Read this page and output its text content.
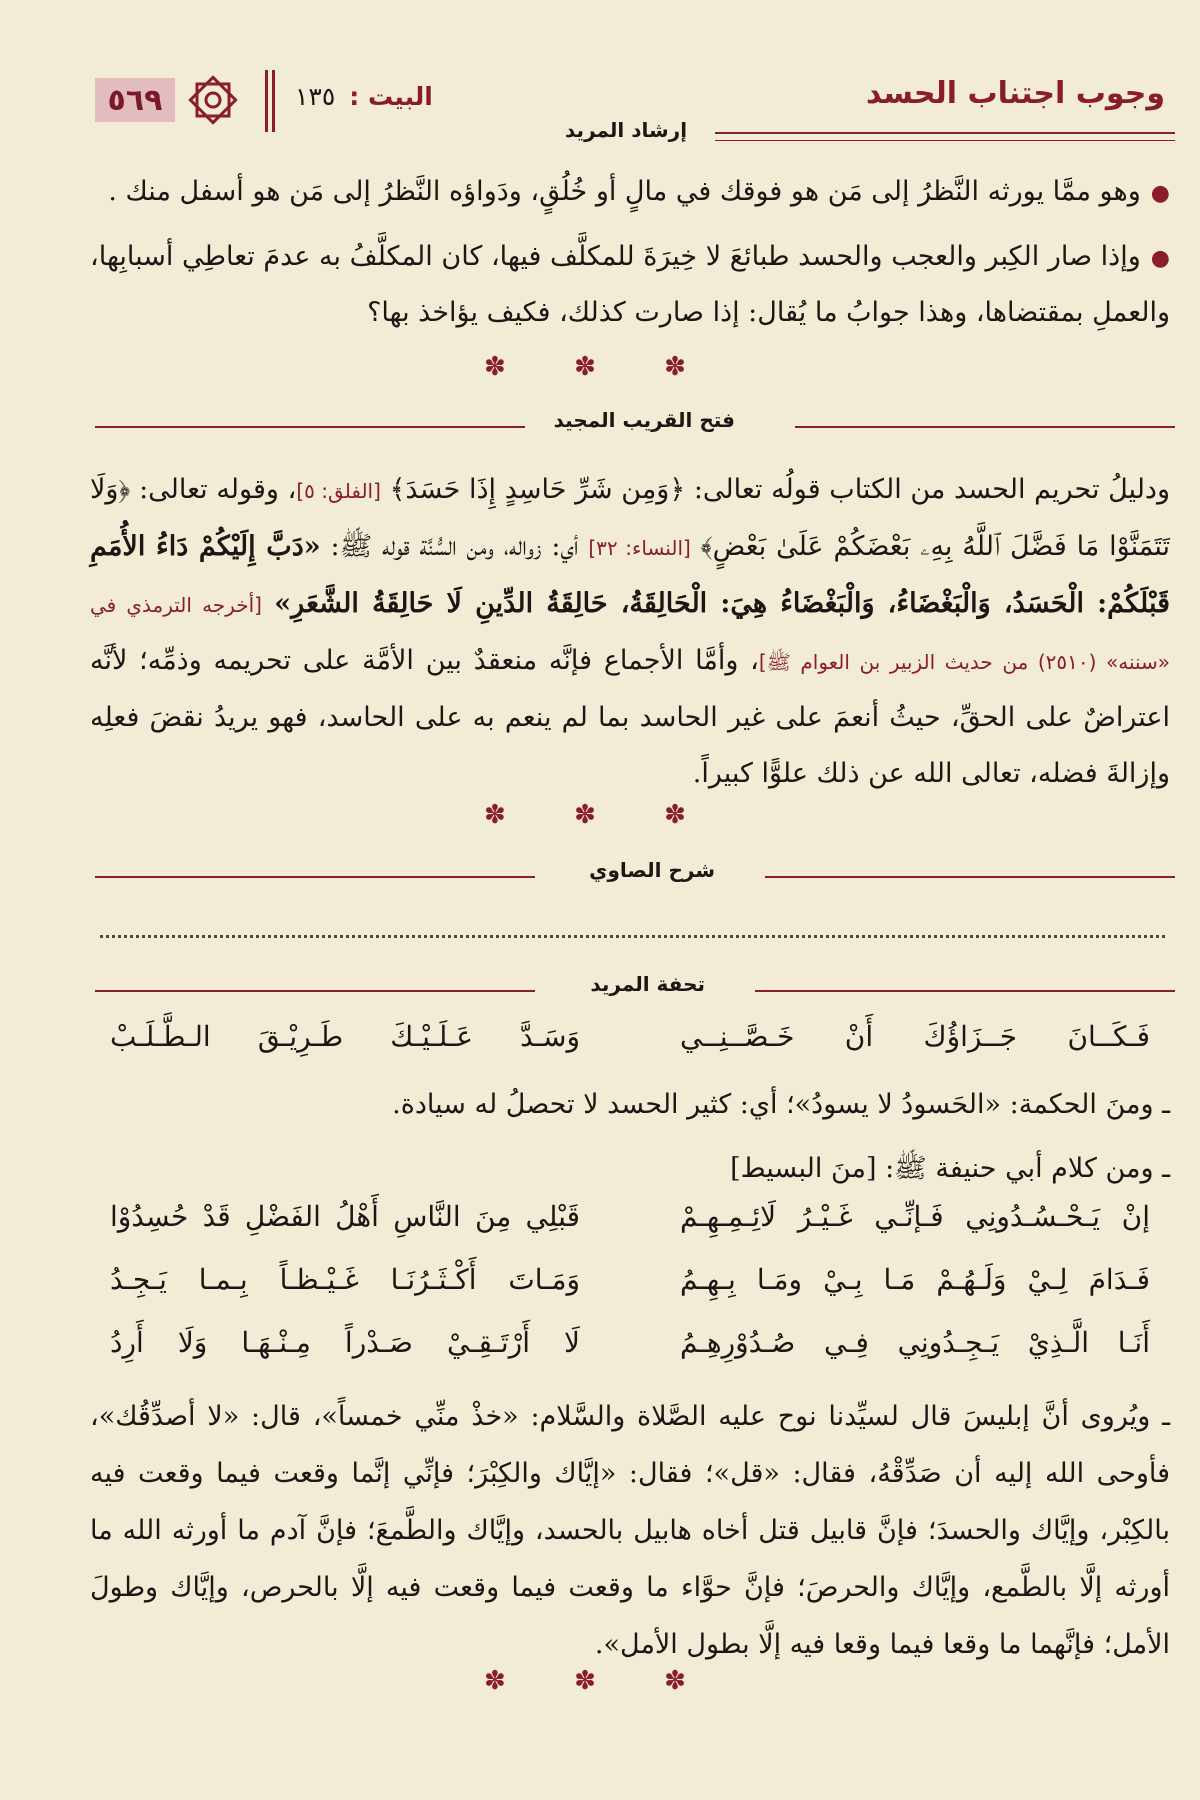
٥٦٩	البيت : ١٣٥	وجوب اجتناب الحسد
إرشاد المريد
●وهو ممَّا يورثه النَّظرُ إلى مَن هو فوقك في مالٍ أو خُلُقٍ، ودَواؤه النَّظرُ إلى مَن هو أسفل منك .
●وإذا صار الكِبر والعجب والحسد طبائعَ لا خِيرَةَ للمكلَّف فيها، كان المكلَّفُ به عدمَ تعاطِي أسبابِها، والعملِ بمقتضاها، وهذا جوابُ ما يُقال: إذا صارت كذلك، فكيف يؤاخذ بها؟
✽ ✽ ✽
فتح القريب المجيد
ودليلُ تحريم الحسد من الكتاب قولُه تعالى: ﴿وَمِن شَرِّ حَاسِدٍ إِذَا حَسَدَ﴾ [الفلق: ٥]، وقوله تعالى: ﴿وَلَا تَتَمَنَّوْا مَا فَضَّلَ ٱللَّهُ بِهِۦ بَعْضَكُمْ عَلَىٰ بَعْضٍ﴾ [النساء: ٣٢] أي: زواله، ومن السُّنَّة قوله ﷺ: «دَبَّ إِلَيْكُمْ دَاءُ الأُمَمِ قَبْلَكُمْ: الْحَسَدُ، وَالْبَغْضَاءُ، وَالْبَغْضَاءُ هِيَ: الْحَالِقَةُ، حَالِقَةُ الدِّينِ لَا حَالِقَةُ الشَّعَرِ» [أخرجه الترمذي في «سننه» (٢٥١٠) من حديث الزبير بن العوام ﷺ]، وأمَّا الأجماع فإنَّه منعقدٌ بين الأمَّة على تحريمه وذمِّه؛ لأنَّه اعتراضٌ على الحقِّ، حيثُ أنعمَ على غير الحاسد بما لم ينعم به على الحاسد، فهو يريدُ نقضَ فعلِه وإزالةَ فضله، تعالى الله عن ذلك علوًّا كبيراً.
✽ ✽ ✽
شرح الصاوي
تحفة المريد
فَـكَــانَ جَــزَاؤُكَ أَنْ خَـصَّــنِــي
وَسَـدَّ عَـلَـيْـكَ طَـرِيْـقَ الـطَّـلَـبْ
ـ ومنَ الحكمة: «الحَسودُ لا يسودُ»؛ أي: كثير الحسد لا تحصلُ له سيادة.
ـ ومن كلام أبي حنيفة ﷺ: [منَ البسيط]
إنْ يَـحْـسُـدُونِي فَـإنِّـي غَـيْـرُ لَائِـمِـهِـمْ
قَبْلِي مِنَ النَّاسِ أَهْلُ الفَضْلِ قَدْ حُسِدُوْا
فَـدَامَ لِـيْ وَلَـهُـمْ مَـا بِـيْ ومَـا بِـهِـمُ
وَمَـاتَ أَكْـثَـرُنَـا غَـيْـظـاً بِـمـا يَـجِـدُ
أَنَـا الَّـذِيْ يَـجِـدُونِي فِـي صُـدُوْرِهِـمُ
لَا أَرْتَـقِـيْ صَـدْراً مِـنْـهَـا وَلَا أَرِدُ
ـ ويُروى أنَّ إبليسَ قال لسيِّدنا نوح عليه الصَّلاة والسَّلام: «خذْ منِّي خمساً»، قال: «لا أصدِّقُك»، فأوحى الله إليه أن صَدِّقْهُ، فقال: «قل»؛ فقال: «إيَّاك والكِبْرَ؛ فإنِّي إنَّما وقعت فيما وقعت فيه بالكِبْر، وإيَّاك والحسدَ؛ فإنَّ قابيل قتل أخاه هابيل بالحسد، وإيَّاك والطَّمعَ؛ فإنَّ آدم ما أورثه الله ما أورثه إلَّا بالطَّمع، وإيَّاك والحرصَ؛ فإنَّ حوَّاء ما وقعت فيما وقعت فيه إلَّا بالحرص، وإيَّاك وطولَ الأمل؛ فإنَّهما ما وقعا فيما وقعا فيه إلَّا بطول الأمل».
✽ ✽ ✽
